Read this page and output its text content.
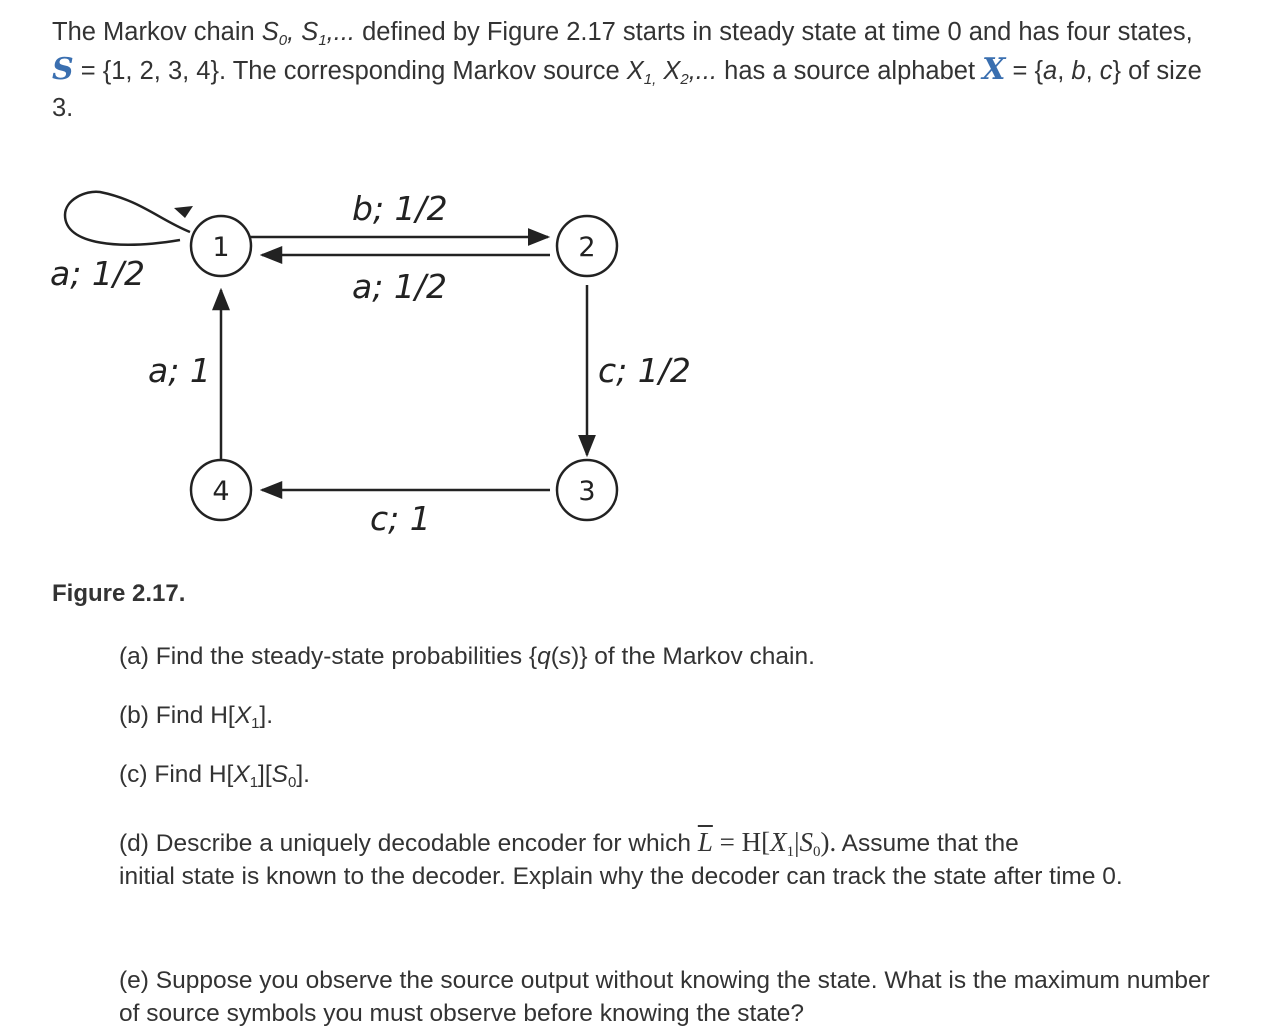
The Markov chain $S_0$, $S_1$,... defined by Figure 2.17 starts in steady state at time 0 and has four states,
S = {1, 2, 3, 4}. The corresponding Markov source $X_{1,}$ $X_2$,... has a source alphabet X = {a, b, c} of size
3.
1	2
3
4
a; 1/2
b; 1/2
a; 1/2
c; 1/2
c; 1
a; 1
Figure 2.17.
(a) Find the steady-state probabilities {q(s)} of the Markov chain.
(b) Find $H[X_1]$.
(c) Find $H[X_1][S_0]$.
(d) Describe a uniquely decodable encoder for which $\overline{L} = H[X_1|S_0)$. Assume that the
initial state is known to the decoder. Explain why the decoder can track the state after time 0.
(e) Suppose you observe the source output without knowing the state. What is the maximum number of source symbols you must observe before knowing the state?
